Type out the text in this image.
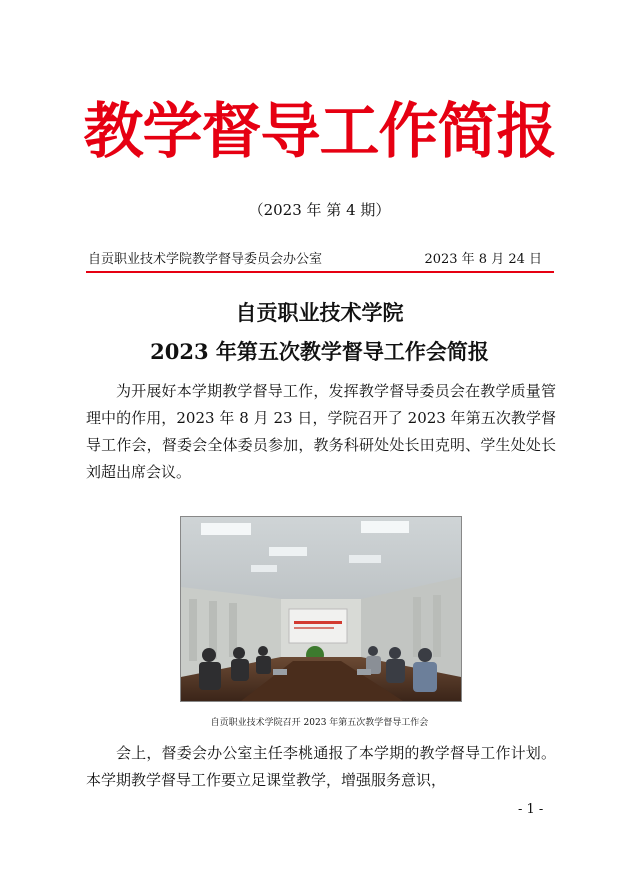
教学督导工作简报
（2023 年 第 4 期）
自贡职业技术学院教学督导委员会办公室	2023 年 8 月 24 日
自贡职业技术学院
2023 年第五次教学督导工作会简报

为开展好本学期教学督导工作，发挥教学督导委员会在教学质量管理中的作用，2023 年 8 月 23 日，学院召开了 2023 年第五次教学督导工作会，督委会全体委员参加，教务科研处处长田克明、学生处处长刘超出席会议。

自贡职业技术学院召开 2023 年第五次教学督导工作会

会上，督委会办公室主任李桃通报了本学期的教学督导工作计划。本学期教学督导工作要立足课堂教学，增强服务意识，

- 1 -
